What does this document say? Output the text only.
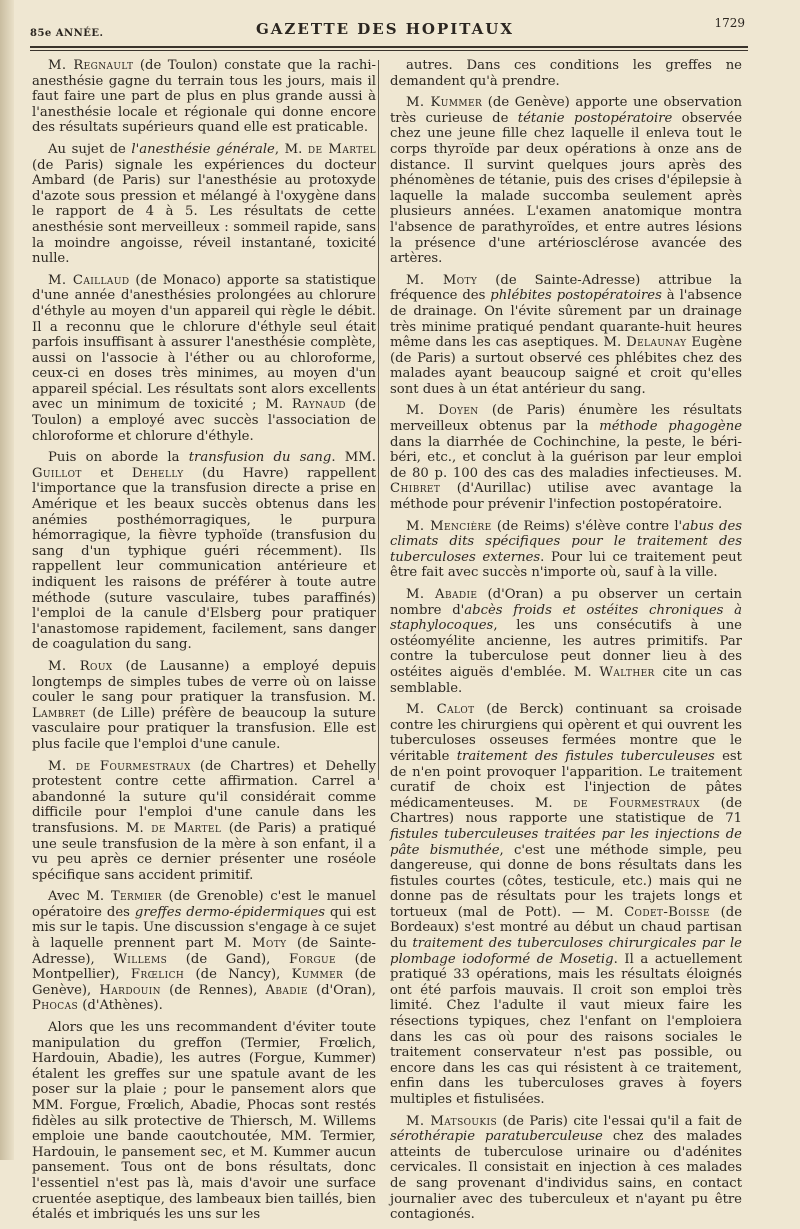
85e ANNÉE.	GAZETTE DES HOPITAUX	1729

M. Regnault (de Toulon) constate que la rachi-anesthésie gagne du terrain tous les jours, mais il faut faire une part de plus en plus grande aussi à l'anesthésie locale et régionale qui donne encore des résultats supérieurs quand elle est praticable.

Au sujet de l'anesthésie générale, M. de Martel (de Paris) signale les expériences du docteur Ambard (de Paris) sur l'anesthésie au protoxyde d'azote sous pression et mélangé à l'oxygène dans le rapport de 4 à 5. Les résultats de cette anesthésie sont merveilleux : sommeil rapide, sans la moindre angoisse, réveil instantané, toxicité nulle.

M. Caillaud (de Monaco) apporte sa statistique d'une année d'anesthésies prolongées au chlorure d'éthyle au moyen d'un appareil qui règle le débit. Il a reconnu que le chlorure d'éthyle seul était parfois insuffisant à assurer l'anesthésie complète, aussi on l'associe à l'éther ou au chloroforme, ceux-ci en doses très minimes, au moyen d'un appareil spécial. Les résultats sont alors excellents avec un minimum de toxicité ; M. Raynaud (de Toulon) a employé avec succès l'association de chloroforme et chlorure d'éthyle.

Puis on aborde la transfusion du sang. MM. Guillot et Dehelly (du Havre) rappellent l'importance que la transfusion directe a prise en Amérique et les beaux succès obtenus dans les anémies posthémorragiques, le purpura hémorragique, la fièvre typhoïde (transfusion du sang d'un typhique guéri récemment). Ils rappellent leur communication antérieure et indiquent les raisons de préférer à toute autre méthode (suture vasculaire, tubes paraffinés) l'emploi de la canule d'Elsberg pour pratiquer l'anastomose rapidement, facilement, sans danger de coagulation du sang.

M. Roux (de Lausanne) a employé depuis longtemps de simples tubes de verre où on laisse couler le sang pour pratiquer la transfusion. M. Lambret (de Lille) préfère de beaucoup la suture vasculaire pour pratiquer la transfusion. Elle est plus facile que l'emploi d'une canule.

M. de Fourmestraux (de Chartres) et Dehelly protestent contre cette affirmation. Carrel a abandonné la suture qu'il considérait comme difficile pour l'emploi d'une canule dans les transfusions. M. de Martel (de Paris) a pratiqué une seule transfusion de la mère à son enfant, il a vu peu après ce dernier présenter une roséole spécifique sans accident primitif.

Avec M. Termier (de Grenoble) c'est le manuel opératoire des greffes dermo-épidermiques qui est mis sur le tapis. Une discussion s'engage à ce sujet à laquelle prennent part M. Moty (de Sainte-Adresse), Willems (de Gand), Forgue (de Montpellier), Frœlich (de Nancy), Kummer (de Genève), Hardouin (de Rennes), Abadie (d'Oran), Phocas (d'Athènes).

Alors que les uns recommandent d'éviter toute manipulation du greffon (Termier, Frœlich, Hardouin, Abadie), les autres (Forgue, Kummer) étalent les greffes sur une spatule avant de les poser sur la plaie ; pour le pansement alors que MM. Forgue, Frœlich, Abadie, Phocas sont restés fidèles au silk protective de Thiersch, M. Willems emploie une bande caoutchoutée, MM. Termier, Hardouin, le pansement sec, et M. Kummer aucun pansement. Tous ont de bons résultats, donc l'essentiel n'est pas là, mais d'avoir une surface cruentée aseptique, des lambeaux bien taillés, bien étalés et imbriqués les uns sur les

autres. Dans ces conditions les greffes ne demandent qu'à prendre.

M. Kummer (de Genève) apporte une observation très curieuse de tétanie postopératoire observée chez une jeune fille chez laquelle il enleva tout le corps thyroïde par deux opérations à onze ans de distance. Il survint quelques jours après des phénomènes de tétanie, puis des crises d'épilepsie à laquelle la malade succomba seulement après plusieurs années. L'examen anatomique montra l'absence de parathyroïdes, et entre autres lésions la présence d'une artériosclérose avancée des artères.

M. Moty (de Sainte-Adresse) attribue la fréquence des phlébites postopératoires à l'absence de drainage. On l'évite sûrement par un drainage très minime pratiqué pendant quarante-huit heures même dans les cas aseptiques. M. Delaunay Eugène (de Paris) a surtout observé ces phlébites chez des malades ayant beaucoup saigné et croit qu'elles sont dues à un état antérieur du sang.

M. Doyen (de Paris) énumère les résultats merveilleux obtenus par la méthode phagogène dans la diarrhée de Cochinchine, la peste, le béri-béri, etc., et conclut à la guérison par leur emploi de 80 p. 100 des cas des maladies infectieuses. M. Chibret (d'Aurillac) utilise avec avantage la méthode pour prévenir l'infection postopératoire.

M. Mencière (de Reims) s'élève contre l'abus des climats dits spécifiques pour le traitement des tuberculoses externes. Pour lui ce traitement peut être fait avec succès n'importe où, sauf à la ville.

M. Abadie (d'Oran) a pu observer un certain nombre d'abcès froids et ostéites chroniques à staphylocoques, les uns consécutifs à une ostéomyélite ancienne, les autres primitifs. Par contre la tuberculose peut donner lieu à des ostéites aiguës d'emblée. M. Walther cite un cas semblable.

M. Calot (de Berck) continuant sa croisade contre les chirurgiens qui opèrent et qui ouvrent les tuberculoses osseuses fermées montre que le véritable traitement des fistules tuberculeuses est de n'en point provoquer l'apparition. Le traitement curatif de choix est l'injection de pâtes médicamenteuses. M. de Fourmestraux (de Chartres) nous rapporte une statistique de 71 fistules tuberculeuses traitées par les injections de pâte bismuthée, c'est une méthode simple, peu dangereuse, qui donne de bons résultats dans les fistules courtes (côtes, testicule, etc.) mais qui ne donne pas de résultats pour les trajets longs et tortueux (mal de Pott). — M. Codet-Boisse (de Bordeaux) s'est montré au début un chaud partisan du traitement des tuberculoses chirurgicales par le plombage iodoformé de Mosetig. Il a actuellement pratiqué 33 opérations, mais les résultats éloignés ont été parfois mauvais. Il croit son emploi très limité. Chez l'adulte il vaut mieux faire les résections typiques, chez l'enfant on l'emploiera dans les cas où pour des raisons sociales le traitement conservateur n'est pas possible, ou encore dans les cas qui résistent à ce traitement, enfin dans les tuberculoses graves à foyers multiples et fistulisées.

M. Matsoukis (de Paris) cite l'essai qu'il a fait de sérothérapie paratuberculeuse chez des malades atteints de tuberculose urinaire ou d'adénites cervicales. Il consistait en injection à ces malades de sang provenant d'individus sains, en contact journalier avec des tuberculeux et n'ayant pu être contagionés.
